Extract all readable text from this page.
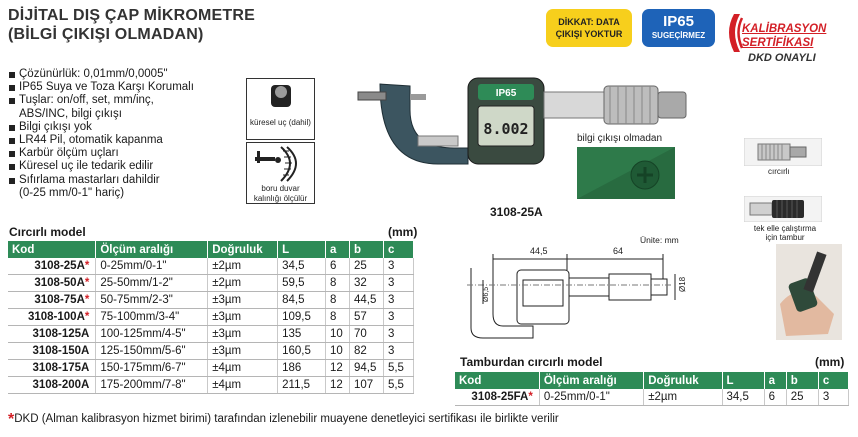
DİJİTAL DIŞ ÇAP MİKROMETRE
(BİLGİ ÇIKIŞI OLMADAN)
DİKKAT: DATA
ÇIKIŞI YOKTUR
IP65
SUGEÇİRMEZ
KALİBRASYON
SERTİFİKASI
DKD ONAYLI
Çözünürlük: 0,01mm/0,0005"
IP65 Suya ve Toza Karşı Korumalı
Tuşlar: on/off, set, mm/inç,
ABS/INC, bilgi çıkışı
Bilgi çıkışı yok
LR44 Pil, otomatik kapanma
Karbür ölçüm uçları
Küresel uç ile tedarik edilir
Sıfırlama mastarları dahildir
(0-25 mm/0-1" hariç)
küresel uç (dahil)
boru duvar
kalınlığı ölçülür
IP65
8.002
bilgi çıkışı olmadan
3108-25A
cırcırlı
tek elle çalıştırma
için tambur
Ünite: mm
44,5	64
Ø18
Ø6,5
Cırcırlı model	(mm)
Kod	Ölçüm aralığı	Doğruluk	L	a	b	c
3108-25A*	0-25mm/0-1"	±2µm	34,5	6	25	3
3108-50A*	25-50mm/1-2"	±2µm	59,5	8	32	3
3108-75A*	50-75mm/2-3"	±3µm	84,5	8	44,5	3
3108-100A*	75-100mm/3-4"	±3µm	109,5	8	57	3
3108-125A	100-125mm/4-5"	±3µm	135	10	70	3
3108-150A	125-150mm/5-6"	±3µm	160,5	10	82	3
3108-175A	150-175mm/6-7"	±4µm	186	12	94,5	5,5
3108-200A	175-200mm/7-8"	±4µm	211,5	12	107	5,5
Tamburdan cırcırlı model	(mm)
Kod	Ölçüm aralığı	Doğruluk	L	a	b	c
3108-25FA*	0-25mm/0-1"	±2µm	34,5	6	25	3
*DKD (Alman kalibrasyon hizmet birimi) tarafından izlenebilir muayene denetleyici sertifikası ile birlikte verilir
